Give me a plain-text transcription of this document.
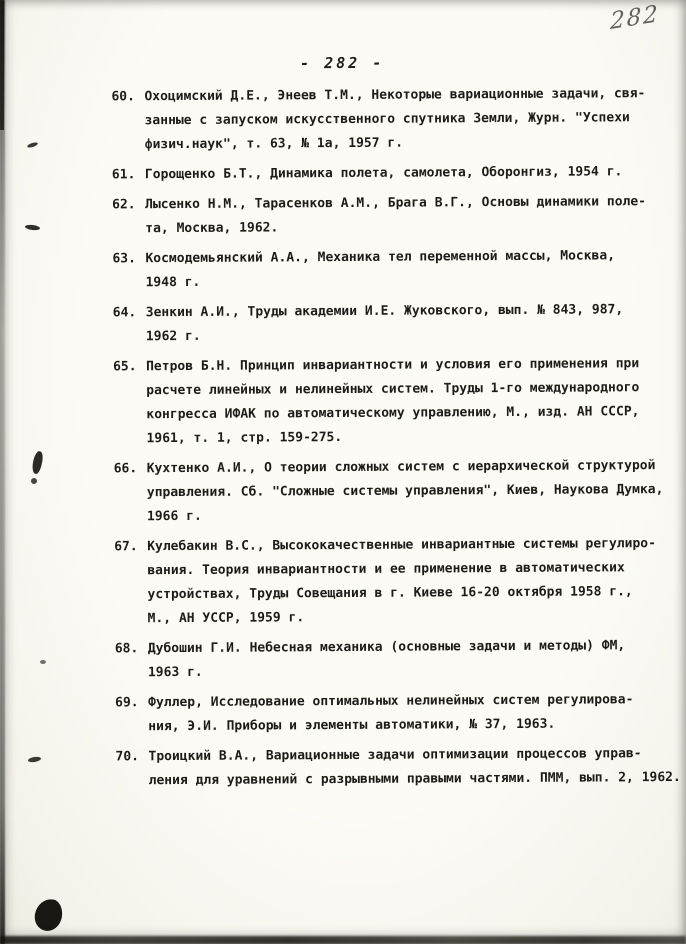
282
- 282 -
60. Охоцимский Д.Е., Энеев Т.М., Некоторые вариационные задачи, свя-
занные с запуском искусственного спутника Земли, Журн. "Успехи
физич.наук", т. 63, № 1а, 1957 г.
61. Горощенко Б.Т., Динамика полета, самолета, Оборонгиз, 1954 г.
62. Лысенко Н.М., Тарасенков А.М., Брага В.Г., Основы динамики поле-
та, Москва, 1962.
63. Космодемьянский А.А., Механика тел переменной массы, Москва,
1948 г.
64. Зенкин А.И., Труды академии И.Е. Жуковского, вып. № 843, 987,
1962 г.
65. Петров Б.Н. Принцип инвариантности и условия его применения при
расчете линейных и нелинейных систем. Труды 1-го международного
конгресса ИФАК по автоматическому управлению, М., изд. АН СССР,
1961, т. 1, стр. 159-275.
66. Кухтенко А.И., О теории сложных систем с иерархической структурой
управления. Сб. "Сложные системы управления", Киев, Наукова Думка,
1966 г.
67. Кулебакин В.С., Высококачественные инвариантные системы регулиро-
вания. Теория инвариантности и ее применение в автоматических
устройствах, Труды Совещания в г. Киеве 16-20 октября 1958 г.,
М., АН УССР, 1959 г.
68. Дубошин Г.И. Небесная механика (основные задачи и методы) ФМ,
1963 г.
69. Фуллер, Исследование оптимальных нелинейных систем регулирова-
ния, Э.И. Приборы и элементы автоматики, № 37, 1963.
70. Троицкий В.А., Вариационные задачи оптимизации процессов управ-
ления для уравнений с разрывными правыми частями. ПММ, вып. 2, 1962.
